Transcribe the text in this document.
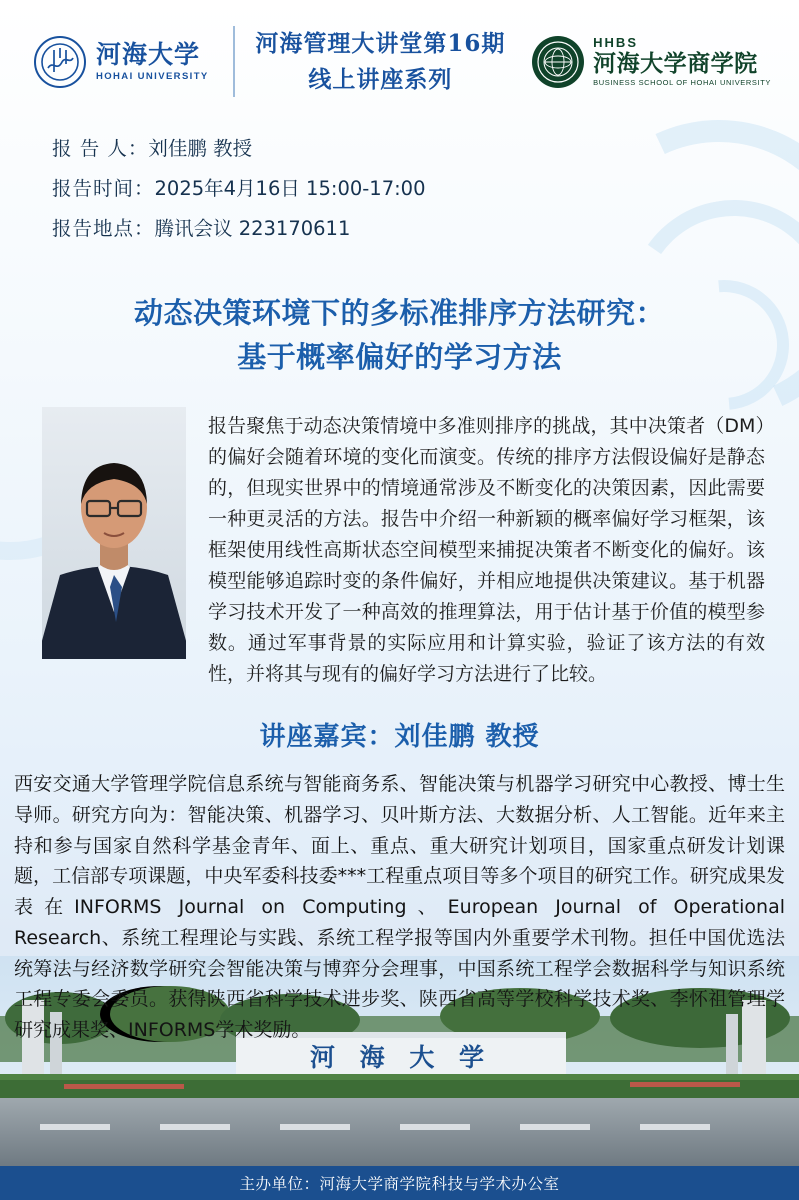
河海大学
HOHAI UNIVERSITY
河海管理大讲堂第16期
线上讲座系列
HHBS
河海大学商学院
BUSINESS SCHOOL OF HOHAI UNIVERSITY
报 告 人：刘佳鹏 教授
报告时间：2025年4月16日 15:00-17:00
报告地点：腾讯会议 223170611
动态决策环境下的多标准排序方法研究：
基于概率偏好的学习方法
报告聚焦于动态决策情境中多准则排序的挑战，其中决策者（DM）的偏好会随着环境的变化而演变。传统的排序方法假设偏好是静态的，但现实世界中的情境通常涉及不断变化的决策因素，因此需要一种更灵活的方法。报告中介绍一种新颖的概率偏好学习框架，该框架使用线性高斯状态空间模型来捕捉决策者不断变化的偏好。该模型能够追踪时变的条件偏好，并相应地提供决策建议。基于机器学习技术开发了一种高效的推理算法，用于估计基于价值的模型参数。通过军事背景的实际应用和计算实验，验证了该方法的有效性，并将其与现有的偏好学习方法进行了比较。
讲座嘉宾：刘佳鹏 教授
西安交通大学管理学院信息系统与智能商务系、智能决策与机器学习研究中心教授、博士生导师。研究方向为：智能决策、机器学习、贝叶斯方法、大数据分析、人工智能。近年来主持和参与国家自然科学基金青年、面上、重点、重大研究计划项目，国家重点研发计划课题，工信部专项课题，中央军委科技委***工程重点项目等多个项目的研究工作。研究成果发表在INFORMS Journal on Computing、European Journal of Operational Research、系统工程理论与实践、系统工程学报等国内外重要学术刊物。担任中国优选法统筹法与经济数学研究会智能决策与博弈分会理事，中国系统工程学会数据科学与知识系统工程专委会委员。获得陕西省科学技术进步奖、陕西省高等学校科学技术奖、李怀祖管理学研究成果奖、INFORMS学术奖励。
河 海 大 学
主办单位：河海大学商学院科技与学术办公室
